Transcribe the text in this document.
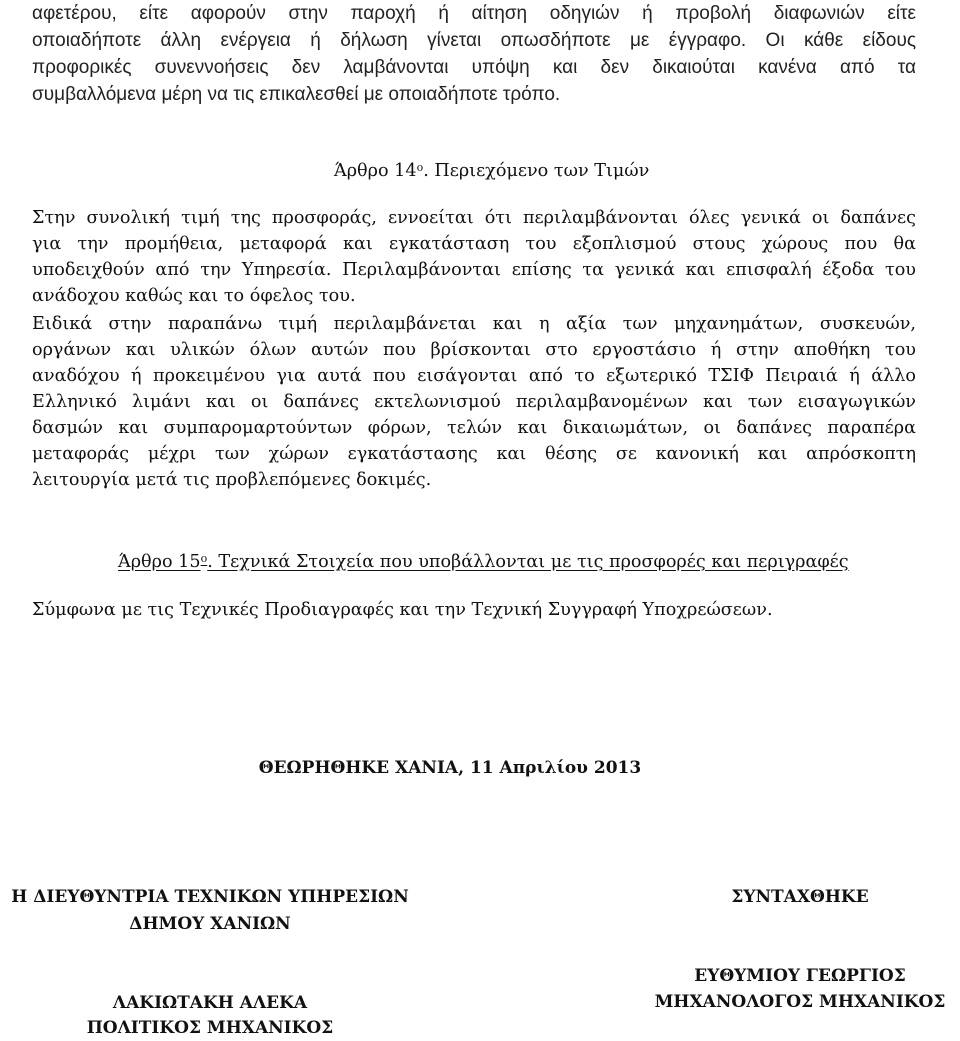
αφετέρου, είτε αφορούν στην παροχή ή αίτηση οδηγιών ή προβολή διαφωνιών είτε
οποιαδήποτε άλλη ενέργεια ή δήλωση γίνεται οπωσδήποτε με έγγραφο. Οι κάθε είδους
προφορικές συνεννοήσεις δεν λαμβάνονται υπόψη και δεν δικαιούται κανένα από τα
συμβαλλόμενα μέρη να τις επικαλεσθεί με οποιαδήποτε τρόπο.
Άρθρο $14^o$. Περιεχόμενο των Τιμών
Στην συνολική τιμή της προσφοράς, εννοείται ότι περιλαμβάνονται όλες γενικά οι δαπάνες
για την προμήθεια, μεταφορά και εγκατάσταση του εξοπλισμού στους χώρους που θα
υποδειχθούν από την Υπηρεσία. Περιλαμβάνονται επίσης τα γενικά και επισφαλή έξοδα του
ανάδοχου καθώς και το όφελος του.
Ειδικά στην παραπάνω τιμή περιλαμβάνεται και η αξία των μηχανημάτων, συσκευών,
οργάνων και υλικών όλων αυτών που βρίσκονται στο εργοστάσιο ή στην αποθήκη του
αναδόχου ή προκειμένου για αυτά που εισάγονται από το εξωτερικό ΤΣΙΦ Πειραιά ή άλλο
Ελληνικό λιμάνι και οι δαπάνες εκτελωνισμού περιλαμβανομένων και των εισαγωγικών
δασμών και συμπαρομαρτούντων φόρων, τελών και δικαιωμάτων, οι δαπάνες παραπέρα
μεταφοράς μέχρι των χώρων εγκατάστασης και θέσης σε κανονική και απρόσκοπτη
λειτουργία μετά τις προβλεπόμενες δοκιμές.
Άρθρο $15^o$. Τεχνικά Στοιχεία που υποβάλλονται με τις προσφορές και περιγραφές
Σύμφωνα με τις Τεχνικές Προδιαγραφές και την Τεχνική Συγγραφή Υποχρεώσεων.
ΘΕΩΡΗΘΗΚΕ ΧΑΝΙΑ, 11 Απριλίου 2013
Η ΔΙΕΥΘΥΝΤΡΙΑ ΤΕΧΝΙΚΩΝ ΥΠΗΡΕΣΙΩΝ
ΔΗΜΟΥ ΧΑΝΙΩΝ
ΛΑΚΙΩΤΑΚΗ ΑΛΕΚΑ
ΠΟΛΙΤΙΚΟΣ ΜΗΧΑΝΙΚΟΣ
ΣΥΝΤΑΧΘΗΚΕ
ΕΥΘΥΜΙΟΥ ΓΕΩΡΓΙΟΣ
ΜΗΧΑΝΟΛΟΓΟΣ ΜΗΧΑΝΙΚΟΣ
